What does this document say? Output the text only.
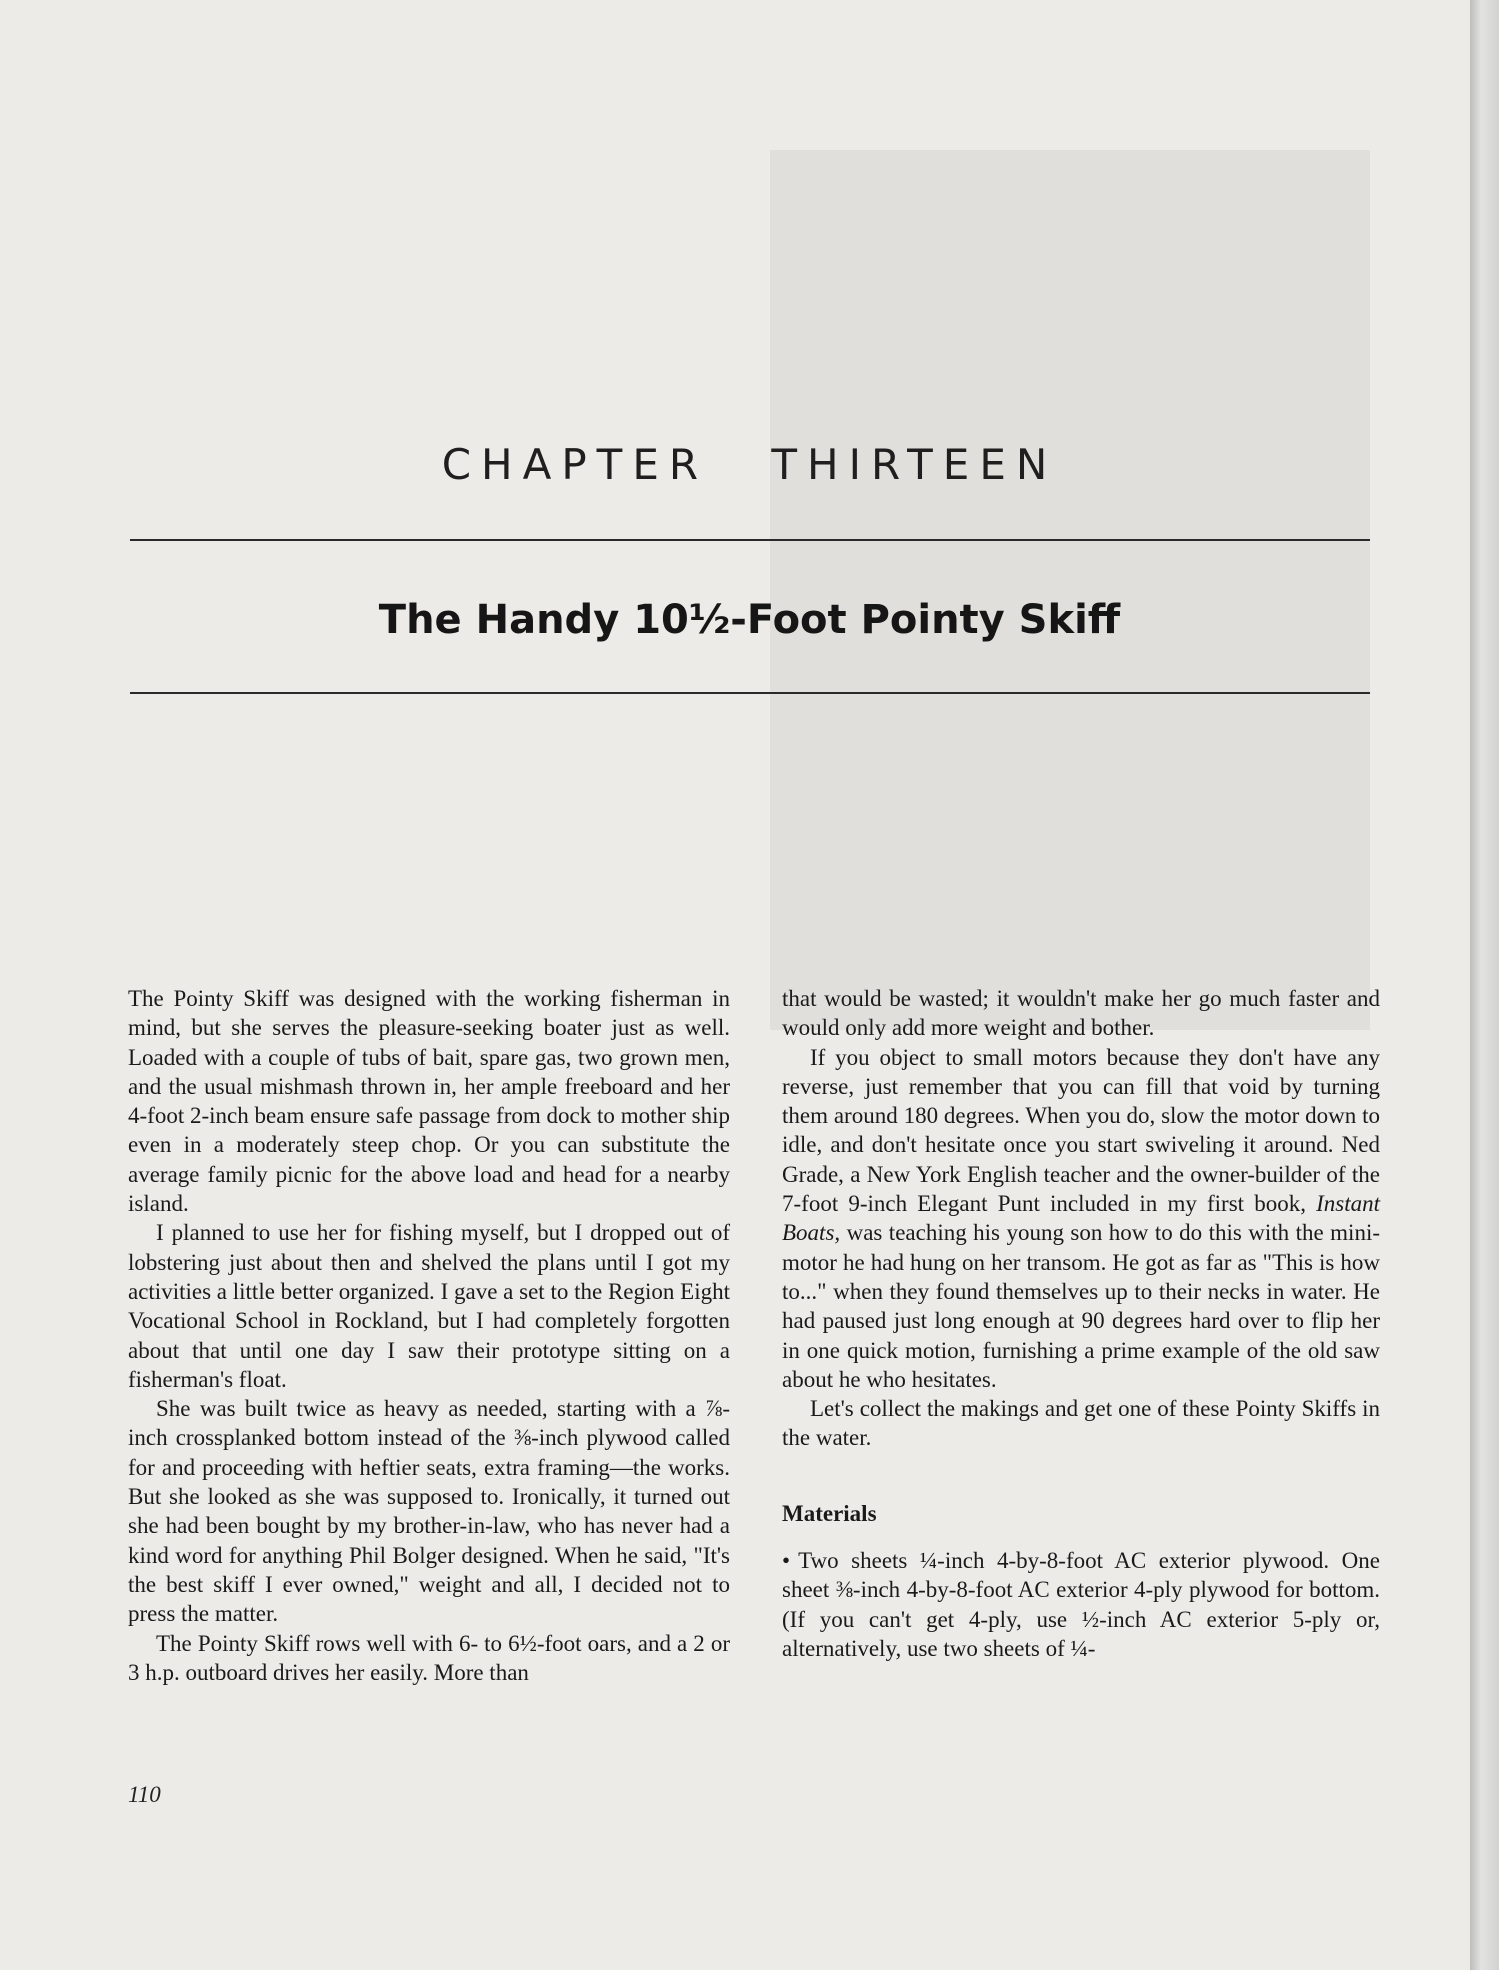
CHAPTER THIRTEEN
The Handy 10½-Foot Pointy Skiff

The Pointy Skiff was designed with the working fisherman in mind, but she serves the pleasure-seeking boater just as well. Loaded with a couple of tubs of bait, spare gas, two grown men, and the usual mishmash thrown in, her ample freeboard and her 4-foot 2-inch beam ensure safe passage from dock to mother ship even in a moderately steep chop. Or you can substitute the average family picnic for the above load and head for a nearby island.

I planned to use her for fishing myself, but I dropped out of lobstering just about then and shelved the plans until I got my activities a little better organized. I gave a set to the Region Eight Vocational School in Rockland, but I had completely forgotten about that until one day I saw their prototype sitting on a fisherman's float.

She was built twice as heavy as needed, starting with a ⅞-inch crossplanked bottom instead of the ⅜-inch plywood called for and proceeding with heftier seats, extra framing—the works. But she looked as she was supposed to. Ironically, it turned out she had been bought by my brother-in-law, who has never had a kind word for anything Phil Bolger designed. When he said, "It's the best skiff I ever owned," weight and all, I decided not to press the matter.

The Pointy Skiff rows well with 6- to 6½-foot oars, and a 2 or 3 h.p. outboard drives her easily. More than

that would be wasted; it wouldn't make her go much faster and would only add more weight and bother.

If you object to small motors because they don't have any reverse, just remember that you can fill that void by turning them around 180 degrees. When you do, slow the motor down to idle, and don't hesitate once you start swiveling it around. Ned Grade, a New York English teacher and the owner-builder of the 7-foot 9-inch Elegant Punt included in my first book, Instant Boats, was teaching his young son how to do this with the mini-motor he had hung on her transom. He got as far as "This is how to..." when they found themselves up to their necks in water. He had paused just long enough at 90 degrees hard over to flip her in one quick motion, furnishing a prime example of the old saw about he who hesitates.

Let's collect the makings and get one of these Pointy Skiffs in the water.

Materials

• Two sheets ¼-inch 4-by-8-foot AC exterior plywood. One sheet ⅜-inch 4-by-8-foot AC exterior 4-ply plywood for bottom. (If you can't get 4-ply, use ½-inch AC exterior 5-ply or, alternatively, use two sheets of ¼-

110
